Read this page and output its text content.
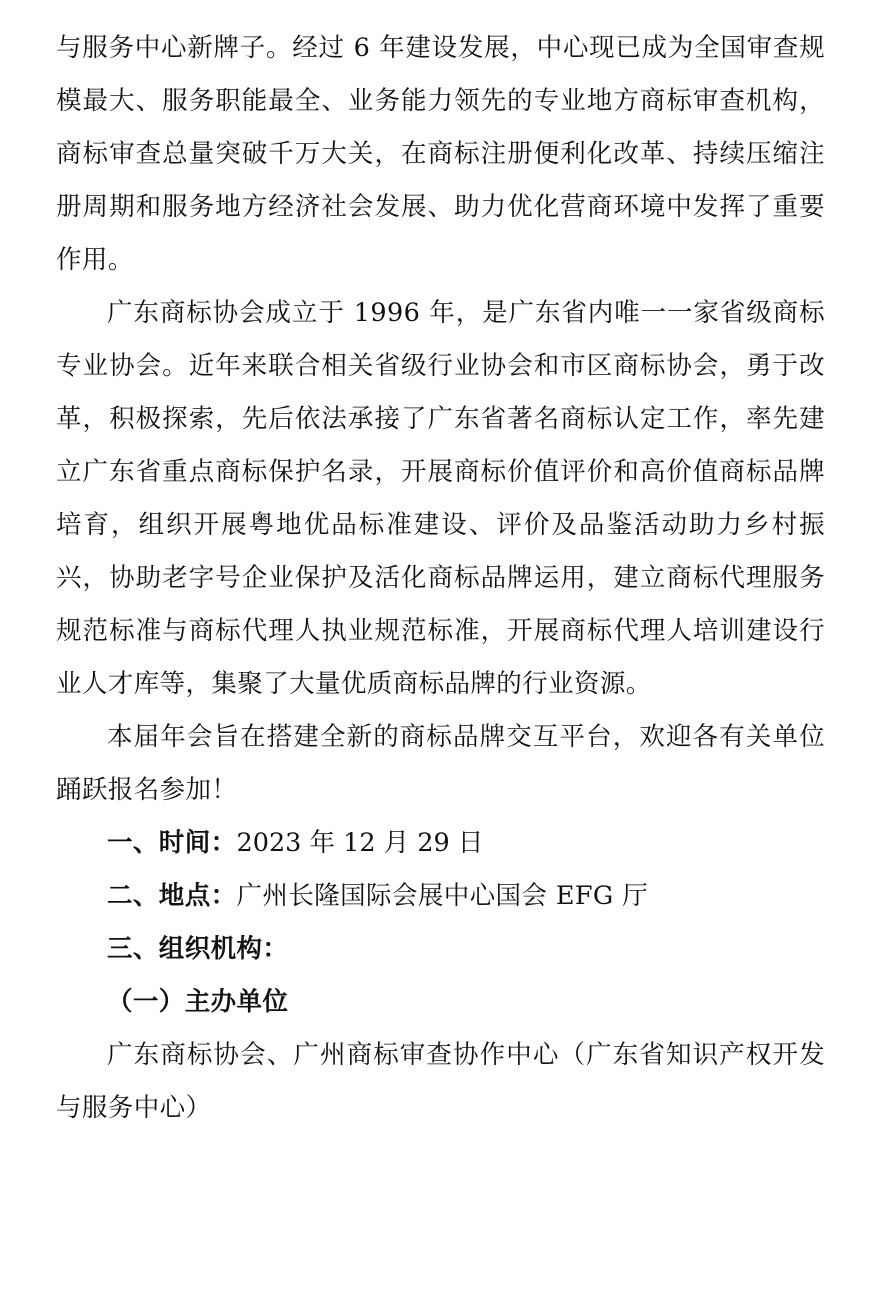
与服务中心新牌子。经过 6 年建设发展，中心现已成为全国审查规模最大、服务职能最全、业务能力领先的专业地方商标审查机构，商标审查总量突破千万大关，在商标注册便利化改革、持续压缩注册周期和服务地方经济社会发展、助力优化营商环境中发挥了重要作用。

广东商标协会成立于 1996 年，是广东省内唯一一家省级商标专业协会。近年来联合相关省级行业协会和市区商标协会，勇于改革，积极探索，先后依法承接了广东省著名商标认定工作，率先建立广东省重点商标保护名录，开展商标价值评价和高价值商标品牌培育，组织开展粤地优品标准建设、评价及品鉴活动助力乡村振兴，协助老字号企业保护及活化商标品牌运用，建立商标代理服务规范标准与商标代理人执业规范标准，开展商标代理人培训建设行业人才库等，集聚了大量优质商标品牌的行业资源。

本届年会旨在搭建全新的商标品牌交互平台，欢迎各有关单位踊跃报名参加！

一、时间：2023 年 12 月 29 日

二、地点：广州长隆国际会展中心国会 EFG 厅

三、组织机构：

（一）主办单位

广东商标协会、广州商标审查协作中心（广东省知识产权开发与服务中心）
